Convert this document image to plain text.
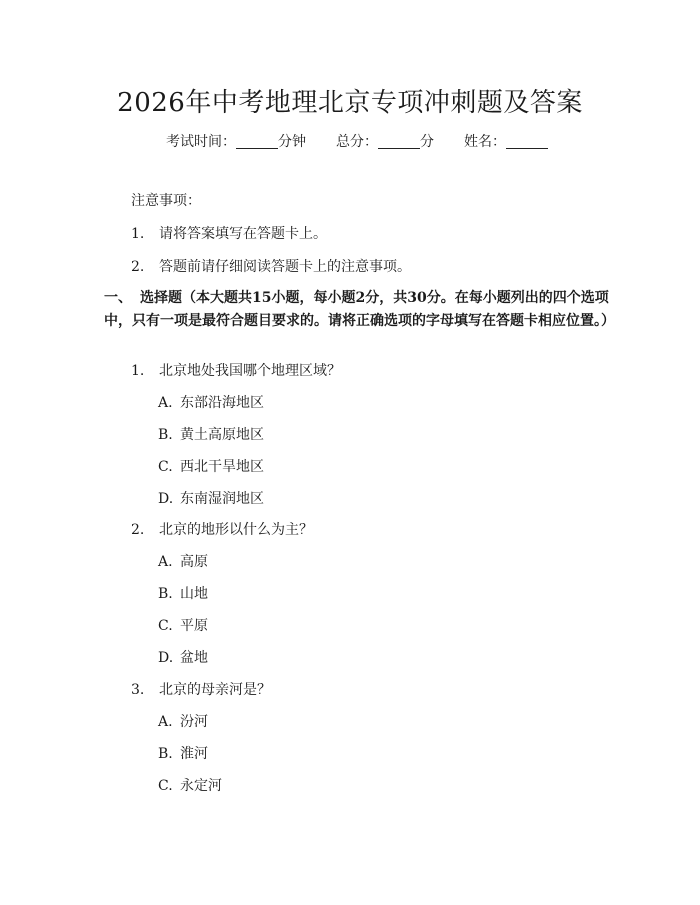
2026年中考地理北京专项冲刺题及答案
考试时间：	分钟 总分：	分 姓名：
注意事项：
1. 请将答案填写在答题卡上。
2. 答题前请仔细阅读答题卡上的注意事项。
一、 选择题（本大题共15小题，每小题2分，共30分。在每小题列出的四个选项中，只有一项是最符合题目要求的。请将正确选项的字母填写在答题卡相应位置。）
1. 北京地处我国哪个地理区域？
A. 东部沿海地区
B. 黄土高原地区
C. 西北干旱地区
D. 东南湿润地区
2. 北京的地形以什么为主？
A. 高原
B. 山地
C. 平原
D. 盆地
3. 北京的母亲河是？
A. 汾河
B. 淮河
C. 永定河
